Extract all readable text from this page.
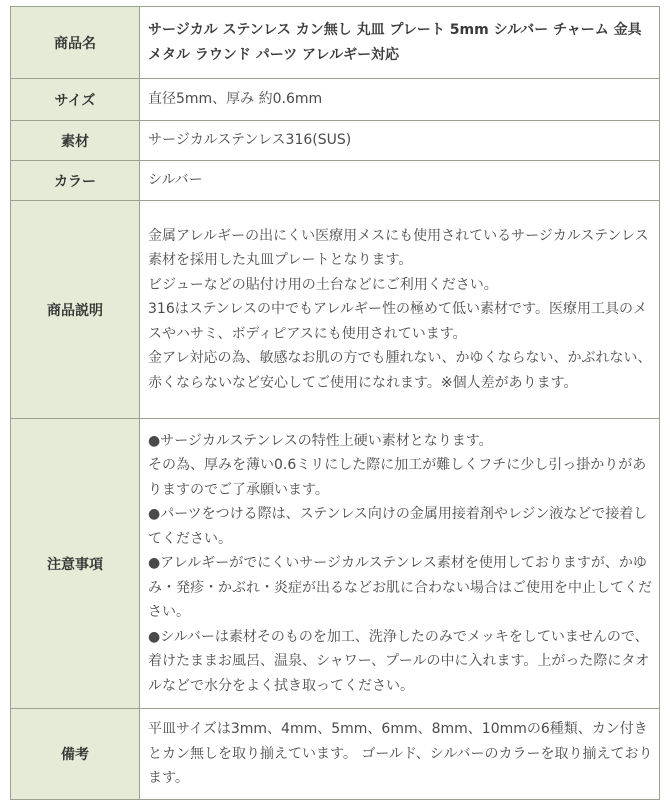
商品名	サージカル ステンレス カン無し 丸皿 プレート 5mm シルバー チャーム 金具 メタル ラウンド パーツ アレルギー対応
サイズ	直径5mm、厚み 約0.6mm
素材	サージカルステンレス316(SUS)
カラー	シルバー
商品説明	金属アレルギーの出にくい医療用メスにも使用されているサージカルステンレス素材を採用した丸皿プレートとなります。

ビジューなどの貼付け用の土台などにご利用ください。

316はステンレスの中でもアレルギー性の極めて低い素材です。医療用工具のメスやハサミ、ボディピアスにも使用されています。

金アレ対応の為、敏感なお肌の方でも腫れない、かゆくならない、かぶれない、赤くならないなど安心してご使用になれます。※個人差があります。

注意事項	●サージカルステンレスの特性上硬い素材となります。

その為、厚みを薄い0.6ミリにした際に加工が難しくフチに少し引っ掛かりがありますのでご了承願います。

●パーツをつける際は、ステンレス向けの金属用接着剤やレジン液などで接着してください。

●アレルギーがでにくいサージカルステンレス素材を使用しておりますが、かゆみ・発疹・かぶれ・炎症が出るなどお肌に合わない場合はご使用を中止してください。

●シルバーは素材そのものを加工、洗浄したのみでメッキをしていませんので、着けたままお風呂、温泉、シャワー、プールの中に入れます。上がった際にタオルなどで水分をよく拭き取ってください。

備考	平皿サイズは3mm、4mm、5mm、6mm、8mm、10mmの6種類、カン付きとカン無しを取り揃えています。 ゴールド、シルバーのカラーを取り揃えております。
